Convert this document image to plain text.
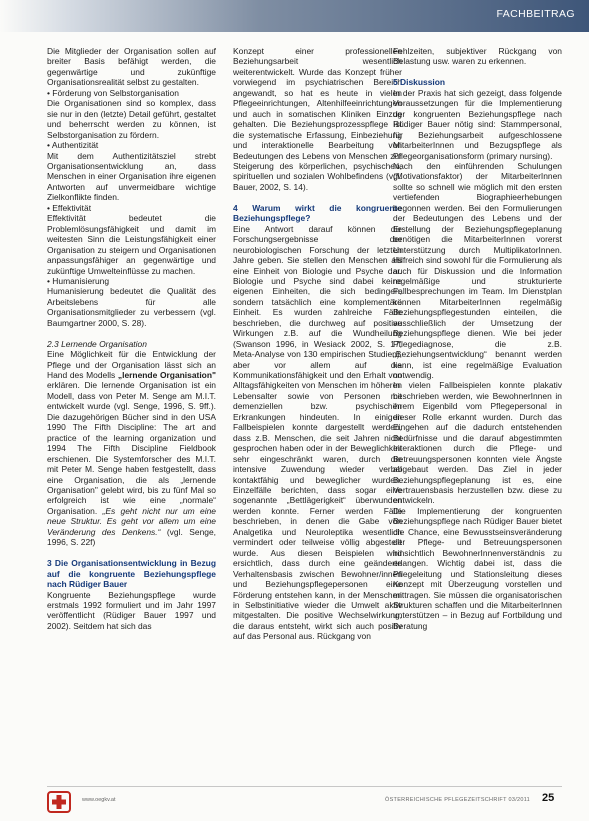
FACHBEITRAG

Die Mitglieder der Organisation sollen auf breiter Basis befähigt werden, die gegenwärtige und zukünftige Organisationsrealität selbst zu gestalten.

• Förderung von Selbstorganisation

Die Organisationen sind so komplex, dass sie nur in den (letzte) Detail geführt, gestaltet und beherrscht werden zu können, ist Selbstorganisation zu fördern.

• Authentizität

Mit dem Authentizitätsziel strebt Organisationsentwicklung an, dass Menschen in einer Organisation ihre eigenen Antworten auf unvermeidbare wichtige Zielkonflikte finden.

• Effektivität

Effektivität bedeutet die Problemlösungsfähigkeit und damit im weitesten Sinn die Leistungsfähigkeit einer Organisation zu steigern und Organisationen anpassungsfähiger an gegenwärtige und zukünftige Umwelteinflüsse zu machen.

• Humanisierung

Humanisierung bedeutet die Qualität des Arbeitslebens für alle Organisationsmitglieder zu verbessern (vgl. Baumgartner 2000, S. 28).

2.3 Lernende Organisation

Eine Möglichkeit für die Entwicklung der Pflege und der Organisation lässt sich an Hand des Modells „lernende Organisation" erklären. Die lernende Organisation ist ein Modell, dass von Peter M. Senge am M.I.T. entwickelt wurde (vgl. Senge, 1996, S. 9ff.). Die dazugehörigen Bücher sind in den USA 1990 The Fifth Discipline: The art and practice of the learning organization und 1994 The Fifth Discipline Fieldbook erschienen. Die Systemforscher des M.I.T. mit Peter M. Senge haben festgestellt, dass eine Organisation, die als „lernende Organisation" gelebt wird, bis zu fünf Mal so erfolgreich ist wie eine „normale“ Organisation. „Es geht nicht nur um eine neue Struktur. Es geht vor allem um eine Veränderung des Denkens.“ (vgl. Senge, 1996, S. 22f)

3 Die Organisationsentwicklung in Bezug auf die kongruente Beziehungspflege nach Rüdiger Bauer

Kongruente Beziehungspflege wurde erstmals 1992 formuliert und im Jahr 1997 veröffentlicht (Rüdiger Bauer 1997 und 2002). Seitdem hat sich das

Konzept einer professionellen Beziehungsarbeit wesentlich weiterentwickelt. Wurde das Konzept früher vorwiegend im psychiatrischen Bereich angewandt, so hat es heute in vielen Pflegeeinrichtungen, Altenhilfeeinrichtungen und auch in somatischen Kliniken Einzug gehalten. Die Beziehungsprozesspflege ist die systematische Erfassung, Einbeziehung und interaktionelle Bearbeitung von Bedeutungen des Lebens von Menschen zur Steigerung des körperlichen, psychischen, spirituellen und sozialen Wohlbefindens (vgl. Bauer, 2002, S. 14).

4 Warum wirkt die kongruente Beziehungspflege?

Eine Antwort darauf können die Forschungsergebnisse der neurobiologischen Forschung der letzten Jahre geben. Sie stellen den Menschen als eine Einheit von Biologie und Psyche dar. Biologie und Psyche sind dabei keine eigenen Einheiten, die sich bedingen, sondern tatsächlich eine komplementäre Einheit. Es wurden zahlreiche Fälle beschrieben, die durchweg auf positive Wirkungen z.B. auf die Wundheilung (Swanson 1996, in Wesiack 2002, S. 17, Meta-Analyse von 130 empirischen Studien), aber vor allem auf die Kommunikationsfähigkeit und den Erhalt von Alltagsfähigkeiten von Menschen im höheren Lebensalter sowie von Personen mit demenziellen bzw. psychischen Erkrankungen hindeuten. In einigen Fallbeispielen konnte dargestellt werden, dass z.B. Menschen, die seit Jahren nicht gesprochen haben oder in der Beweglichkeit sehr eingeschränkt waren, durch die intensive Zuwendung wieder verbal kontaktfähig und beweglicher wurden. Einzelfälle berichten, dass sogar eine sogenannte „Bettlägerigkeit“ überwunden werden konnte. Ferner werden Fälle beschrieben, in denen die Gabe von Analgetika und Neuroleptika wesentlich vermindert oder teilweise völlig abgestellt wurde. Aus diesen Beispielen wird ersichtlich, dass durch eine geänderte Verhaltensbasis zwischen Bewohner/innen und Beziehungspflegepersonen eine Förderung entstehen kann, in der Menschen in Selbstinitiative wieder die Umwelt aktiv mitgestalten. Die positive Wechselwirkung, die daraus entsteht, wirkt sich auch positiv auf das Personal aus. Rückgang von

Fehlzeiten, subjektiver Rückgang von Belastung usw. waren zu erkennen.

5 Diskussion

In der Praxis hat sich gezeigt, dass folgende Voraussetzungen für die Implementierung der kongruenten Beziehungspflege nach Rüdiger Bauer nötig sind: Stammpersonal, für Beziehungsarbeit aufgeschlossene MitarbeiterInnen und Bezugspflege als Pflegeorganisationsform (primary nursing).

Nach den einführenden Schulungen (Motivationsfaktor) der MitarbeiterInnen sollte so schnell wie möglich mit den ersten vertiefenden Biographieerhebungen begonnen werden. Bei den Formulierungen der Bedeutungen des Lebens und der Erstellung der Beziehungspflegeplanung benötigen die MitarbeiterInnen vorerst Unterstützung durch MultiplikatorInnen. Hilfreich sind sowohl für die Formulierung als auch für Diskussion und die Information regelmäßige und strukturierte Fallbesprechungen im Team. Im Dienstplan können MitarbeiterInnen regelmäßig Beziehungspflegestunden einteilen, die ausschließlich der Umsetzung der Beziehungspflege dienen. Wie bei jeder Pflegediagnose, die z.B. „Beziehungsentwicklung“ benannt werden kann, ist eine regelmäßige Evaluation notwendig.

In vielen Fallbeispielen konnte plakativ beschrieben werden, wie BewohnerInnen in ihrem Eigenbild vom Pflegepersonal in dieser Rolle erkannt wurden. Durch das Eingehen auf die dadurch entstehenden Bedürfnisse und die darauf abgestimmten Interaktionen durch die Pflege- und Betreuungspersonen konnten viele Ängste abgebaut werden. Das Ziel in jeder Beziehungspflegeplanung ist es, eine Vertrauensbasis herzustellen bzw. diese zu entwickeln.

Die Implementierung der kongruenten Beziehungspflege nach Rüdiger Bauer bietet die Chance, eine Bewusstseinsveränderung der Pflege- und Betreuungspersonen hinsichtlich BewohnerInnenverständnis zu erlangen. Wichtig dabei ist, dass die Pflegeleitung und Stationsleitung dieses Konzept mit Überzeugung vorstellen und mittragen. Sie müssen die organisatorischen Strukturen schaffen und die MitarbeiterInnen unterstützen – in Bezug auf Fortbildung und Beratung

www.oegkv.at	ÖSTERREICHISCHE PFLEGEZEITSCHRIFT 03/2011 25
